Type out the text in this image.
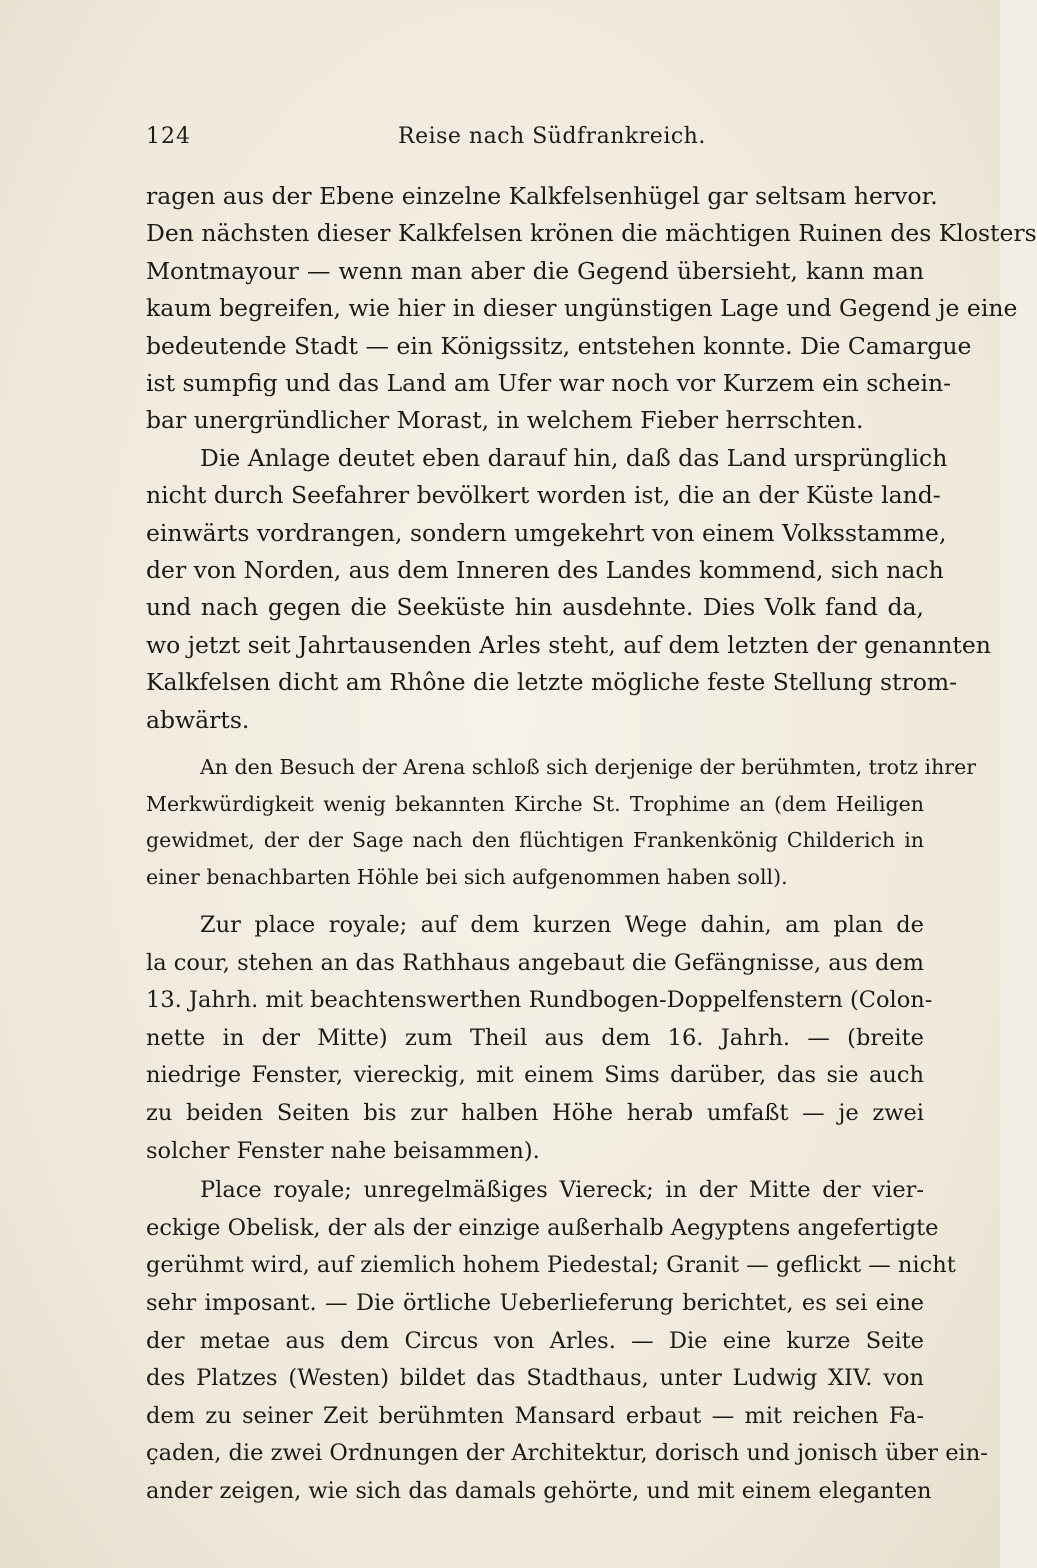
124	Reise nach Südfrankreich.
ragen aus der Ebene einzelne Kalkfelsenhügel gar seltsam hervor.
Den nächsten dieser Kalkfelsen krönen die mächtigen Ruinen des Klosters
Montmayour — wenn man aber die Gegend übersieht, kann man
kaum begreifen, wie hier in dieser ungünstigen Lage und Gegend je eine
bedeutende Stadt — ein Königssitz, entstehen konnte. Die Camargue
ist sumpfig und das Land am Ufer war noch vor Kurzem ein schein-
bar unergründlicher Morast, in welchem Fieber herrschten.
Die Anlage deutet eben darauf hin, daß das Land ursprünglich
nicht durch Seefahrer bevölkert worden ist, die an der Küste land-
einwärts vordrangen, sondern umgekehrt von einem Volksstamme,
der von Norden, aus dem Inneren des Landes kommend, sich nach
und nach gegen die Seeküste hin ausdehnte. Dies Volk fand da,
wo jetzt seit Jahrtausenden Arles steht, auf dem letzten der genannten
Kalkfelsen dicht am Rhône die letzte mögliche feste Stellung strom-
abwärts.
An den Besuch der Arena schloß sich derjenige der berühmten, trotz ihrer
Merkwürdigkeit wenig bekannten Kirche St. Trophime an (dem Heiligen
gewidmet, der der Sage nach den flüchtigen Frankenkönig Childerich in
einer benachbarten Höhle bei sich aufgenommen haben soll).
Zur place royale; auf dem kurzen Wege dahin, am plan de
la cour, stehen an das Rathhaus angebaut die Gefängnisse, aus dem
13. Jahrh. mit beachtenswerthen Rundbogen-Doppelfenstern (Colon-
nette in der Mitte) zum Theil aus dem 16. Jahrh. — (breite
niedrige Fenster, viereckig, mit einem Sims darüber, das sie auch
zu beiden Seiten bis zur halben Höhe herab umfaßt — je zwei
solcher Fenster nahe beisammen).
Place royale; unregelmäßiges Viereck; in der Mitte der vier-
eckige Obelisk, der als der einzige außerhalb Aegyptens angefertigte
gerühmt wird, auf ziemlich hohem Piedestal; Granit — geflickt — nicht
sehr imposant. — Die örtliche Ueberlieferung berichtet, es sei eine
der metae aus dem Circus von Arles. — Die eine kurze Seite
des Platzes (Westen) bildet das Stadthaus, unter Ludwig XIV. von
dem zu seiner Zeit berühmten Mansard erbaut — mit reichen Fa-
çaden, die zwei Ordnungen der Architektur, dorisch und jonisch über ein-
ander zeigen, wie sich das damals gehörte, und mit einem eleganten
